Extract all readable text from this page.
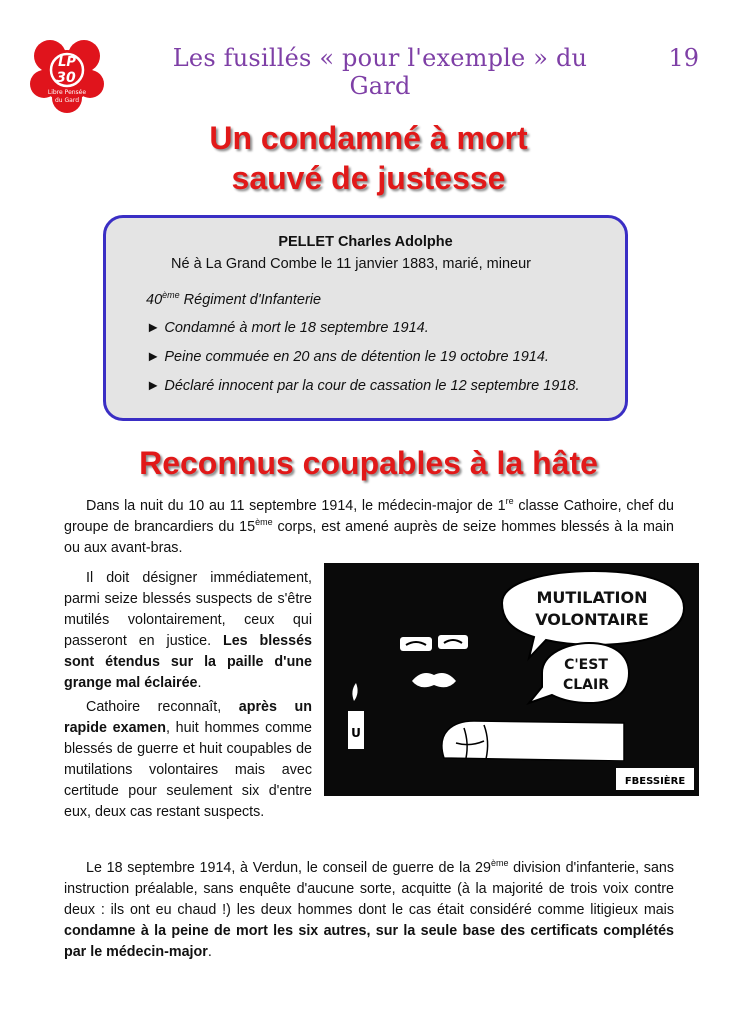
LP
30
Libre Pensée
du Gard
Les fusillés « pour l'exemple » du Gard
19
Un condamné à mort
sauvé de justesse
PELLET Charles Adolphe
Né à La Grand Combe le 11 janvier 1883, marié, mineur
40ème Régiment d'Infanterie
► Condamné à mort le 18 septembre 1914.
► Peine commuée en 20 ans de détention le 19 octobre 1914.
► Déclaré innocent par la cour de cassation le 12 septembre 1918.
Reconnus coupables à la hâte
Dans la nuit du 10 au 11 septembre 1914, le médecin-major de 1re classe Cathoire, chef du groupe de brancardiers du 15ème corps, est amené auprès de seize hommes blessés à la main ou aux avant-bras.
Il doit désigner immédiatement, parmi seize blessés suspects de s'être mutilés volontairement, ceux qui passeront en justice. Les blessés sont étendus sur la paille d'une grange mal éclairée.
Cathoire reconnaît, après un rapide examen, huit hommes comme blessés de guerre et huit coupables de mutilations volontaires mais avec certitude pour seulement six d'entre eux, deux cas restant suspects.
MUTILATION
VOLONTAIRE
C'EST
CLAIR
U
FBESSIÈRE
Le 18 septembre 1914, à Verdun, le conseil de guerre de la 29ème division d'infanterie, sans instruction préalable, sans enquête d'aucune sorte, acquitte (à la majorité de trois voix contre deux : ils ont eu chaud !) les deux hommes dont le cas était considéré comme litigieux mais condamne à la peine de mort les six autres, sur la seule base des certificats complétés par le médecin-major.
